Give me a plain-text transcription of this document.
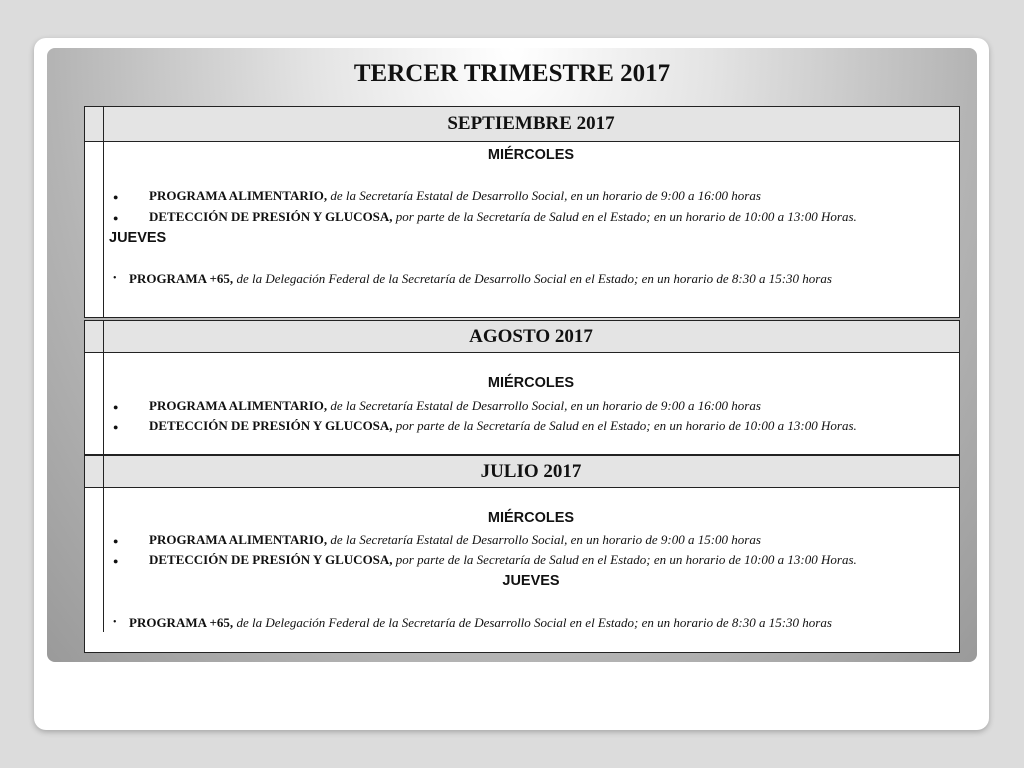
TERCER TRIMESTRE 2017
SEPTIEMBRE 2017
MIÉRCOLES
● PROGRAMA ALIMENTARIO, de la Secretaría Estatal de Desarrollo Social, en un horario de 9:00 a 16:00 horas
● DETECCIÓN DE PRESIÓN Y GLUCOSA, por parte de la Secretaría de Salud en el Estado; en un horario de 10:00 a 13:00 Horas.
JUEVES
• PROGRAMA +65, de la Delegación Federal de la Secretaría de Desarrollo Social en el Estado; en un horario de 8:30 a 15:30 horas
AGOSTO 2017
MIÉRCOLES
● PROGRAMA ALIMENTARIO, de la Secretaría Estatal de Desarrollo Social, en un horario de 9:00 a 16:00 horas
● DETECCIÓN DE PRESIÓN Y GLUCOSA, por parte de la Secretaría de Salud en el Estado; en un horario de 10:00 a 13:00 Horas.
JULIO 2017
MIÉRCOLES
● PROGRAMA ALIMENTARIO, de la Secretaría Estatal de Desarrollo Social, en un horario de 9:00 a 15:00 horas
● DETECCIÓN DE PRESIÓN Y GLUCOSA, por parte de la Secretaría de Salud en el Estado; en un horario de 10:00 a 13:00 Horas.
JUEVES
• PROGRAMA +65, de la Delegación Federal de la Secretaría de Desarrollo Social en el Estado; en un horario de 8:30 a 15:30 horas
